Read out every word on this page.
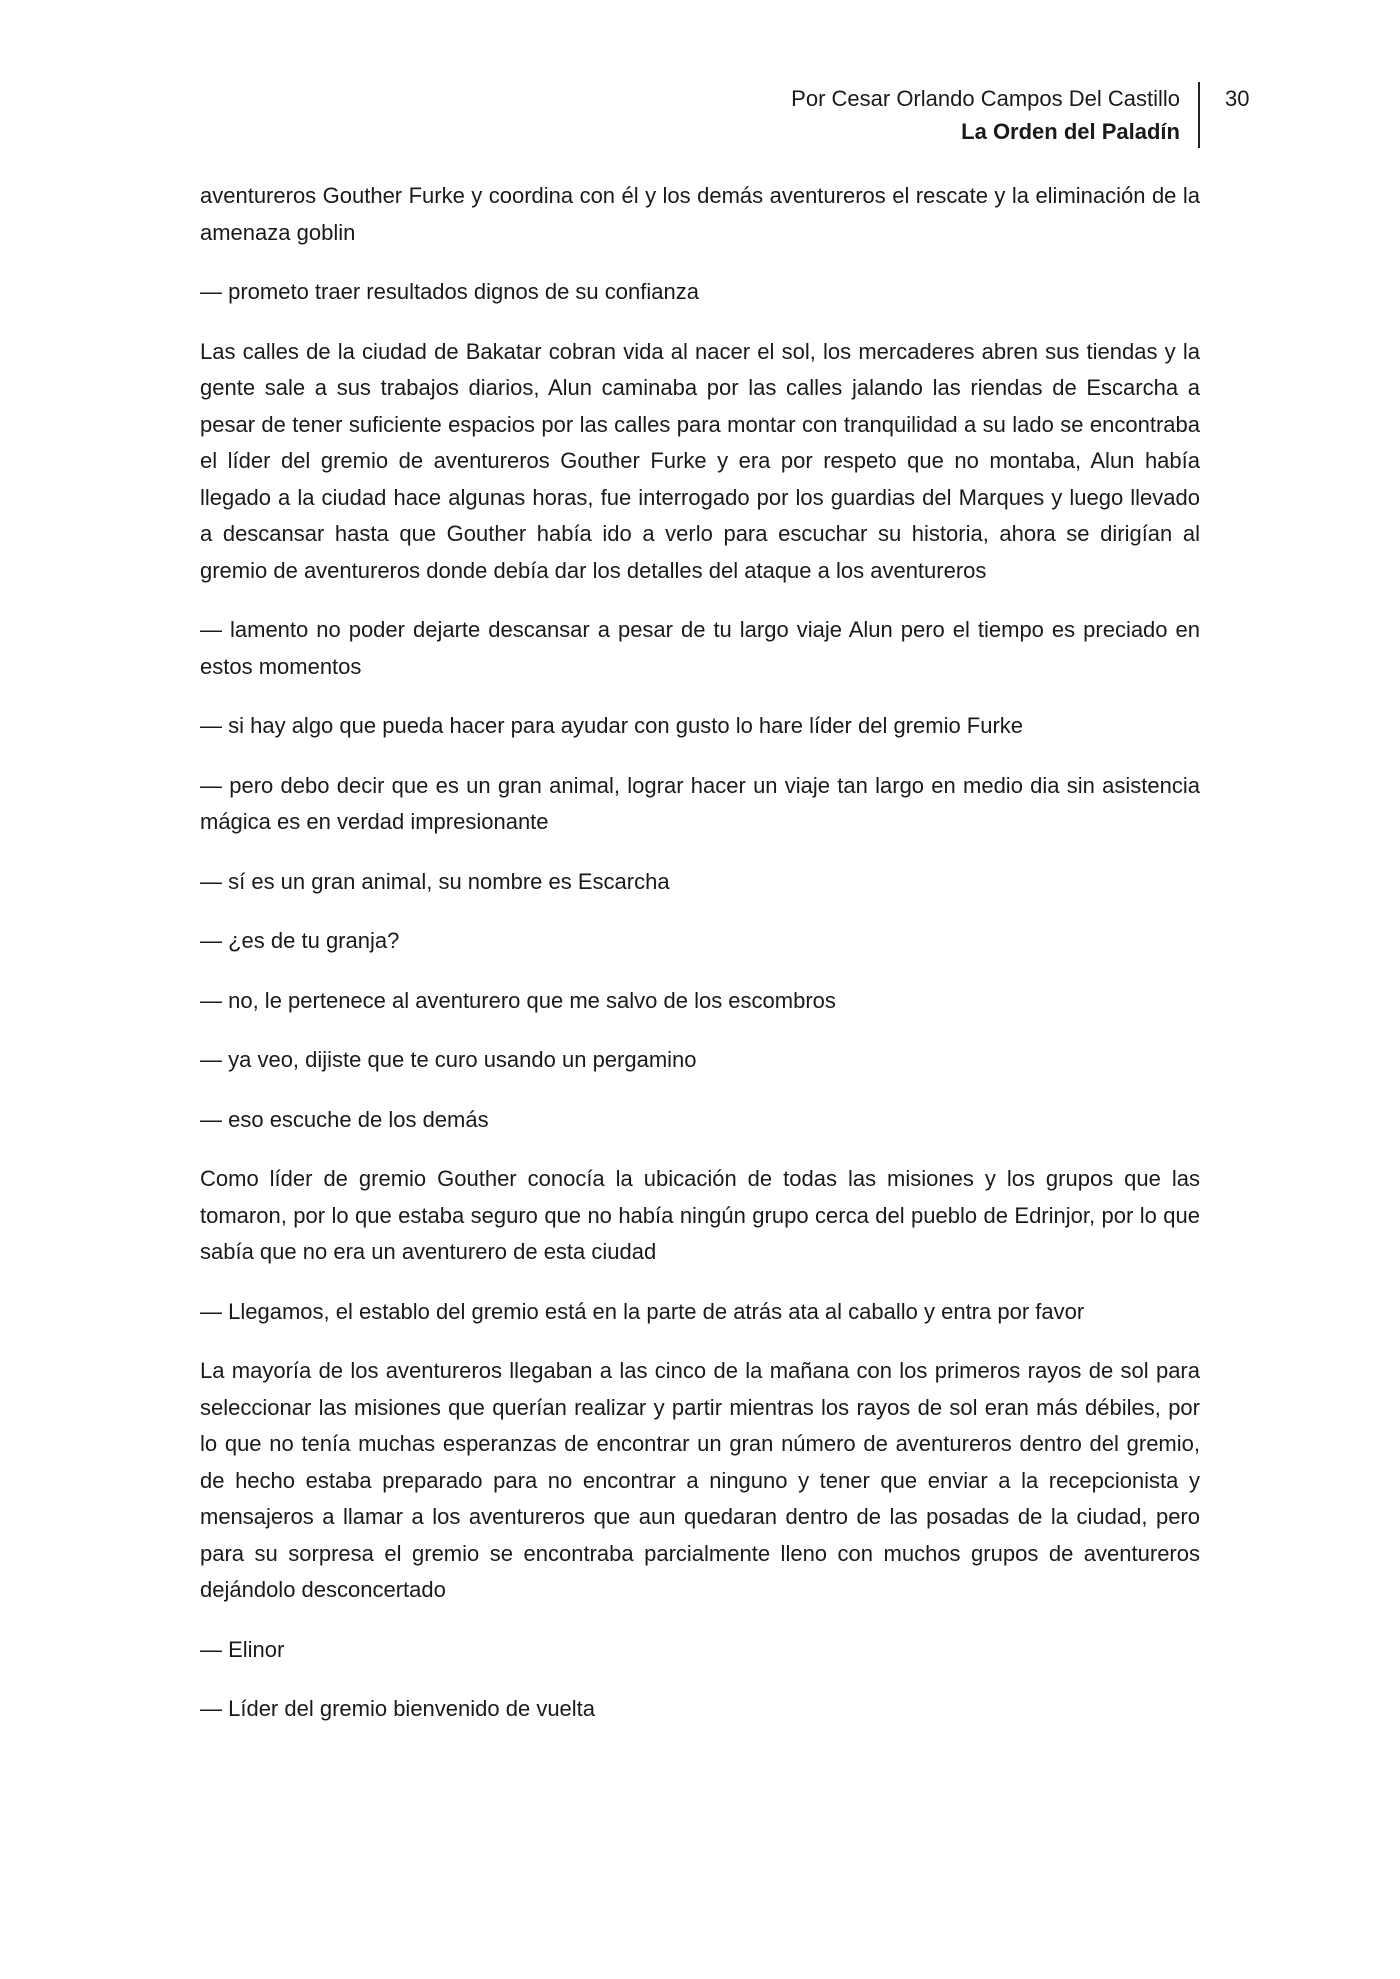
Por Cesar Orlando Campos Del Castillo
La Orden del Paladín
30

aventureros Gouther Furke y coordina con él y los demás aventureros el rescate y la eliminación de la amenaza goblin

— prometo traer resultados dignos de su confianza

Las calles de la ciudad de Bakatar cobran vida al nacer el sol, los mercaderes abren sus tiendas y la gente sale a sus trabajos diarios, Alun caminaba por las calles jalando las riendas de Escarcha a pesar de tener suficiente espacios por las calles para montar con tranquilidad a su lado se encontraba el líder del gremio de aventureros Gouther Furke y era por respeto que no montaba, Alun había llegado a la ciudad hace algunas horas, fue interrogado por los guardias del Marques y luego llevado a descansar hasta que Gouther había ido a verlo para escuchar su historia, ahora se dirigían al gremio de aventureros donde debía dar los detalles del ataque a los aventureros

— lamento no poder dejarte descansar a pesar de tu largo viaje Alun pero el tiempo es preciado en estos momentos

— si hay algo que pueda hacer para ayudar con gusto lo hare líder del gremio Furke

— pero debo decir que es un gran animal, lograr hacer un viaje tan largo en medio dia sin asistencia mágica es en verdad impresionante

— sí es un gran animal, su nombre es Escarcha

— ¿es de tu granja?

— no, le pertenece al aventurero que me salvo de los escombros

— ya veo, dijiste que te curo usando un pergamino

— eso escuche de los demás

Como líder de gremio Gouther conocía la ubicación de todas las misiones y los grupos que las tomaron, por lo que estaba seguro que no había ningún grupo cerca del pueblo de Edrinjor, por lo que sabía que no era un aventurero de esta ciudad

— Llegamos, el establo del gremio está en la parte de atrás ata al caballo y entra por favor

La mayoría de los aventureros llegaban a las cinco de la mañana con los primeros rayos de sol para seleccionar las misiones que querían realizar y partir mientras los rayos de sol eran más débiles, por lo que no tenía muchas esperanzas de encontrar un gran número de aventureros dentro del gremio, de hecho estaba preparado para no encontrar a ninguno y tener que enviar a la recepcionista y mensajeros a llamar a los aventureros que aun quedaran dentro de las posadas de la ciudad, pero para su sorpresa el gremio se encontraba parcialmente lleno con muchos grupos de aventureros dejándolo desconcertado

— Elinor

— Líder del gremio bienvenido de vuelta
